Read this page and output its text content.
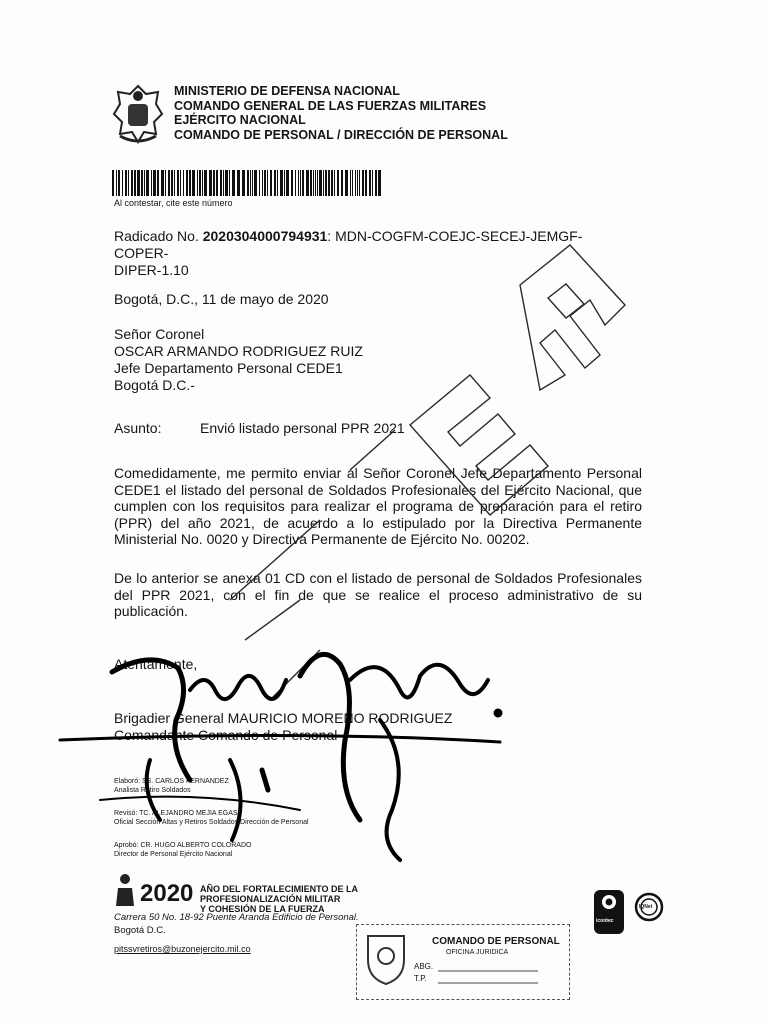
MINISTERIO DE DEFENSA NACIONAL
COMANDO GENERAL DE LAS FUERZAS MILITARES
EJÉRCITO NACIONAL
COMANDO DE PERSONAL / DIRECCIÓN DE PERSONAL
Al contestar, cite este número
Radicado No. 2020304000794931: MDN-COGFM-COEJC-SECEJ-JEMGF-COPER-
DIPER-1.10
Bogotá, D.C., 11 de mayo de 2020
Señor Coronel
OSCAR ARMANDO RODRIGUEZ RUIZ
Jefe Departamento Personal CEDE1
Bogotá D.C.-
Asunto:	Envió listado personal PPR 2021
Comedidamente, me permito enviar al Señor Coronel Jefe Departamento Personal CEDE1 el listado del personal de Soldados Profesionales del Ejército Nacional, que cumplen con los requisitos para realizar el programa de preparación para el retiro (PPR) del año 2021, de acuerdo a lo estipulado por la Directiva Permanente Ministerial No. 0020 y Directiva Permanente de Ejército No. 00202.
De lo anterior se anexa 01 CD con el listado de personal de Soldados Profesionales del PPR 2021, con el fin de que se realice el proceso administrativo de su publicación.
Atentamente,
Brigadier General MAURICIO MORENO RODRIGUEZ
Comandante Comando de Personal
Elaboró: SS. CARLOS FERNANDEZ
Analista Retiro Soldados
Revisó: TC. ALEJANDRO MEJIA EGAS
Oficial Sección Altas y Retiros Soldados Dirección de Personal
Aprobó: CR. HUGO ALBERTO COLORADO
Director de Personal Ejército Nacional
2020 AÑO DEL FORTALECIMIENTO DE LA PROFESIONALIZACIÓN MILITAR
Y COHESIÓN DE LA FUERZA
Carrera 50 No. 18-92 Puente Aranda Edificio de Personal.
Bogotá D.C.
pitssvretiros@buzonejercito.mil.co
COMANDO DE PERSONAL
OFICINA JURIDICA
ABG.
T.P.
icontec
IQNet
